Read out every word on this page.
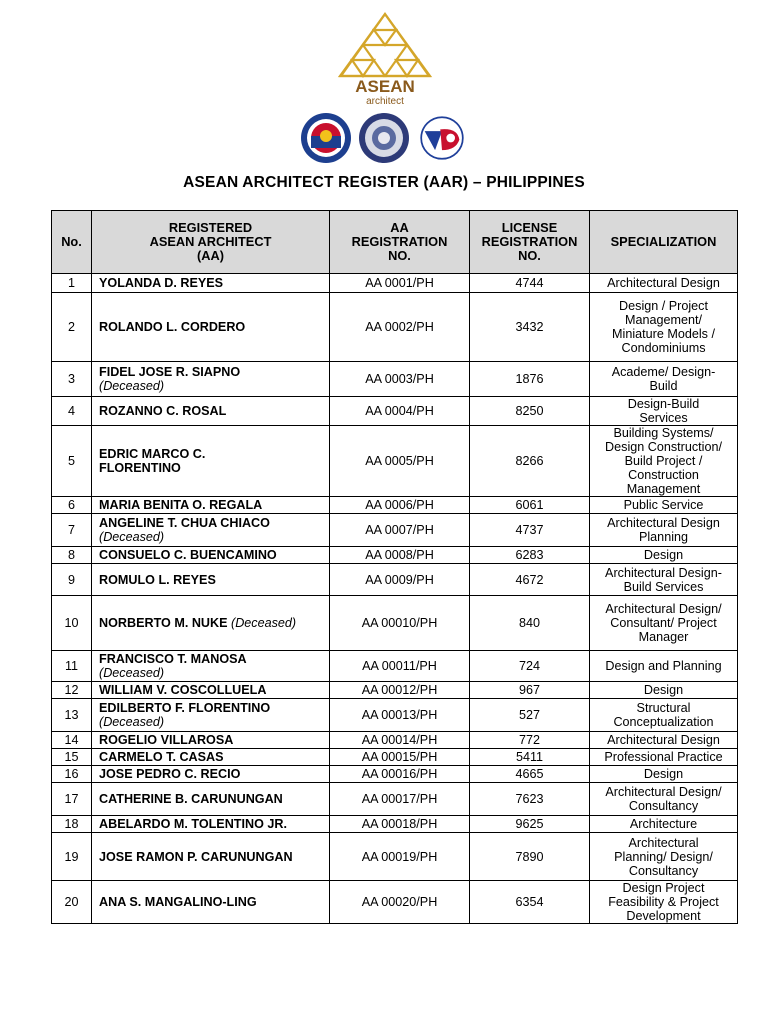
ASEAN
architect
ASEAN ARCHITECT REGISTER (AAR) – PHILIPPINES
No.	REGISTERED
ASEAN ARCHITECT
(AA)	AA
REGISTRATION
NO.	LICENSE
REGISTRATION
NO.	SPECIALIZATION
1	YOLANDA D. REYES	AA 0001/PH	4744	Architectural Design

2	ROLANDO L. CORDERO	AA 0002/PH	3432	Design / Project
Management/
Miniature Models /
Condominiums

3	FIDEL JOSE R. SIAPNO
(Deceased)	AA 0003/PH	1876	Academe/ Design-
Build

4	ROZANNO C. ROSAL	AA 0004/PH	8250	Design-Build
Services

5	EDRIC MARCO C.
FLORENTINO	AA 0005/PH	8266	Building Systems/
Design Construction/
Build Project /
Construction
Management

6	MARIA BENITA O. REGALA	AA 0006/PH	6061	Public Service

7	ANGELINE T. CHUA CHIACO
(Deceased)	AA 0007/PH	4737	Architectural Design
Planning

8	CONSUELO C. BUENCAMINO	AA 0008/PH	6283	Design

9	ROMULO L. REYES	AA 0009/PH	4672	Architectural Design-
Build Services

10	NORBERTO M. NUKE (Deceased)	AA 00010/PH	840	Architectural Design/
Consultant/ Project
Manager

11	FRANCISCO T. MANOSA
(Deceased)	AA 00011/PH	724	Design and Planning

12	WILLIAM V. COSCOLLUELA	AA 00012/PH	967	Design

13	EDILBERTO F. FLORENTINO
(Deceased)	AA 00013/PH	527	Structural
Conceptualization

14	ROGELIO VILLAROSA	AA 00014/PH	772	Architectural Design

15	CARMELO T. CASAS	AA 00015/PH	5411	Professional Practice

16	JOSE PEDRO C. RECIO	AA 00016/PH	4665	Design

17	CATHERINE B. CARUNUNGAN	AA 00017/PH	7623	Architectural Design/
Consultancy

18	ABELARDO M. TOLENTINO JR.	AA 00018/PH	9625	Architecture

19	JOSE RAMON P. CARUNUNGAN	AA 00019/PH	7890	Architectural
Planning/ Design/
Consultancy

20	ANA S. MANGALINO-LING	AA 00020/PH	6354	Design Project
Feasibility & Project
Development
